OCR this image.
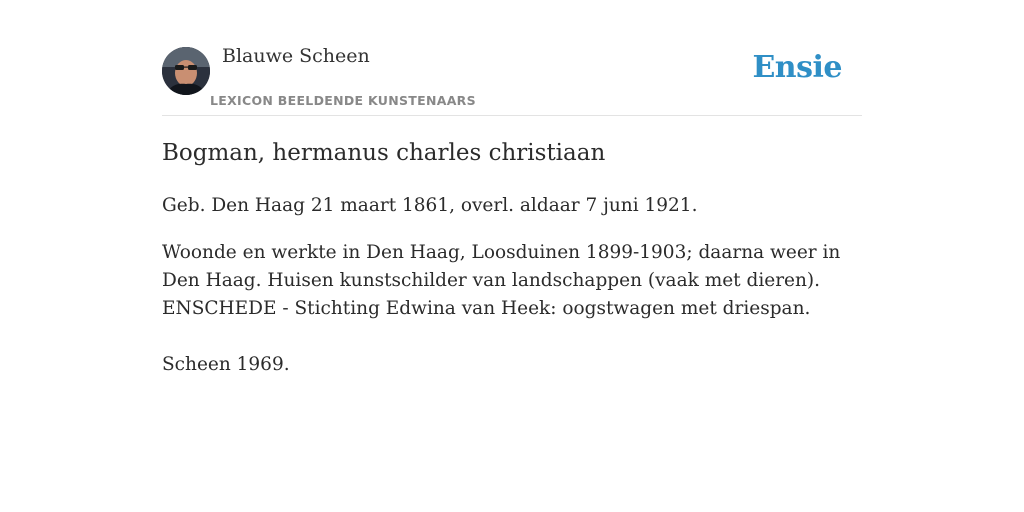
Blauwe Scheen
LEXICON BEELDENDE KUNSTENAARS
Ensie
Bogman, hermanus charles christiaan

Geb. Den Haag 21 maart 1861, overl. aldaar 7 juni 1921.

Woonde en werkte in Den Haag, Loosduinen 1899-1903; daarna weer in Den Haag. Huisen kunstschilder van landschappen (vaak met dieren). ENSCHEDE - Stichting Edwina van Heek: oogstwagen met driespan.

Scheen 1969.
